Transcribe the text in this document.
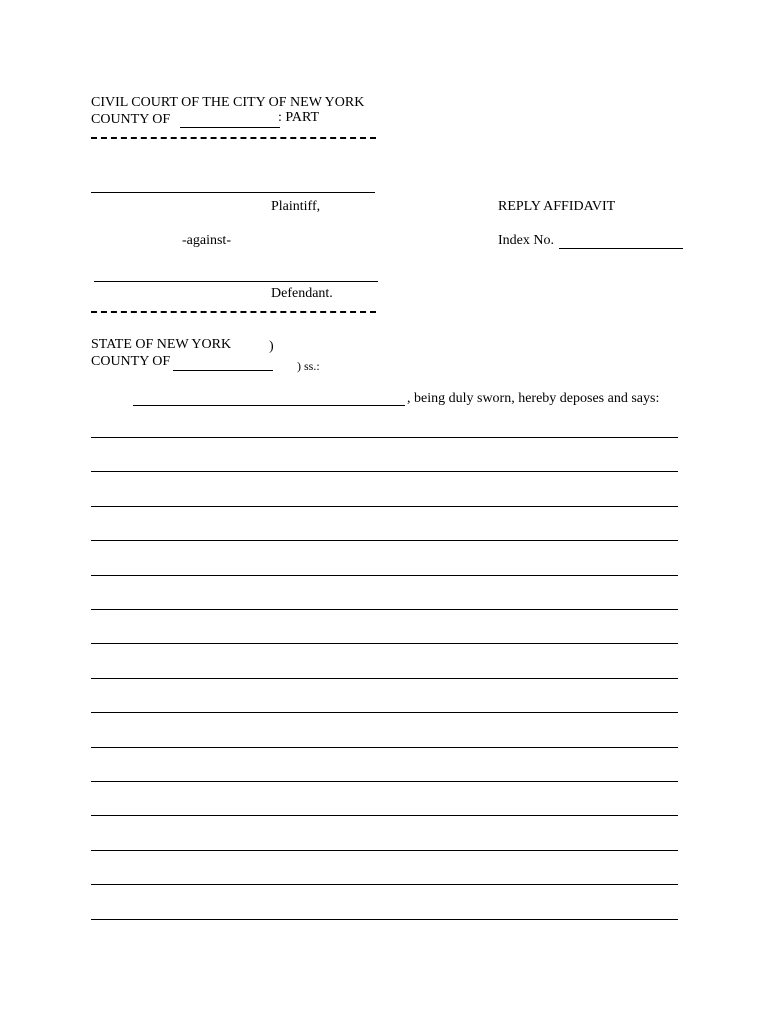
CIVIL COURT OF THE CITY OF NEW YORK
COUNTY OF	: PART
Plaintiff,
-against-
Defendant.
REPLY AFFIDAVIT
Index No.
STATE OF NEW YORK	)
COUNTY OF	) ss.:
, being duly sworn, hereby deposes and says:
